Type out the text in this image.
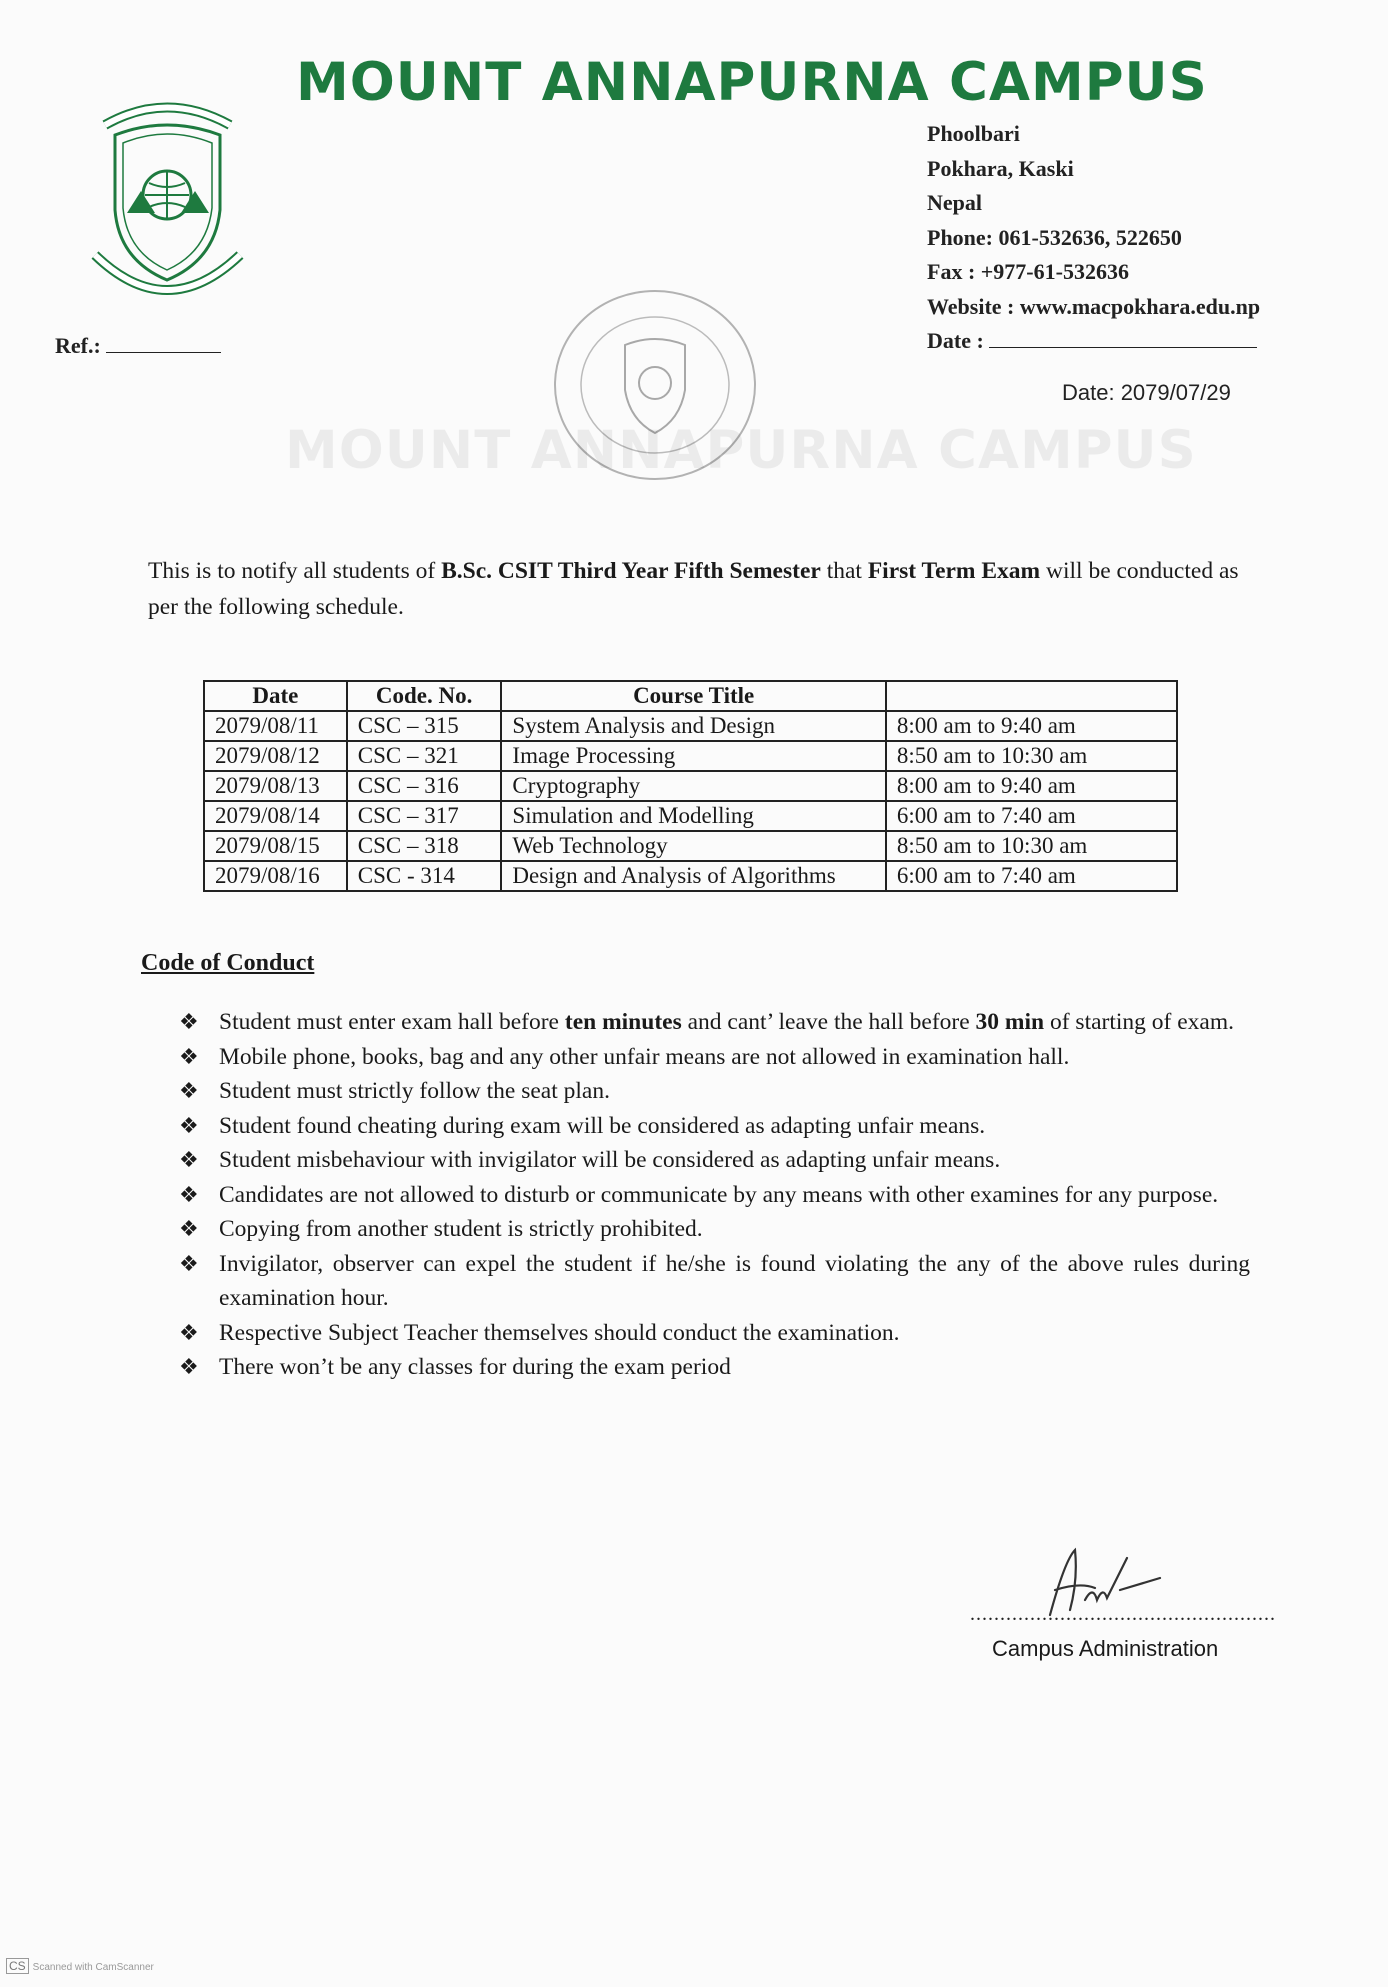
MOUNT ANNAPURNA CAMPUS
Phoolbari
Pokhara, Kaski
Nepal
Phone: 061-532636, 522650
Fax : +977-61-532636
Website : www.macpokhara.edu.np
Date :
Ref.:
Date: 2079/07/29
MOUNT ANNAPURNA CAMPUS
This is to notify all students of B.Sc. CSIT Third Year Fifth Semester that First Term Exam will be conducted as per the following schedule.
Date	Code. No.	Course Title	
2079/08/11	CSC – 315	System Analysis and Design	8:00 am to 9:40 am
2079/08/12	CSC – 321	Image Processing	8:50 am to 10:30 am
2079/08/13	CSC – 316	Cryptography	8:00 am to 9:40 am
2079/08/14	CSC – 317	Simulation and Modelling	6:00 am to 7:40 am
2079/08/15	CSC – 318	Web Technology	8:50 am to 10:30 am
2079/08/16	CSC - 314	Design and Analysis of Algorithms	6:00 am to 7:40 am
Code of Conduct
❖ Student must enter exam hall before ten minutes and cant’ leave the hall before 30 min of starting of exam.
❖ Mobile phone, books, bag and any other unfair means are not allowed in examination hall.
❖ Student must strictly follow the seat plan.
❖ Student found cheating during exam will be considered as adapting unfair means.
❖ Student misbehaviour with invigilator will be considered as adapting unfair means.
❖ Candidates are not allowed to disturb or communicate by any means with other examines for any purpose.
❖ Copying from another student is strictly prohibited.
❖ Invigilator, observer can expel the student if he/she is found violating the any of the above rules during examination hour.
❖ Respective Subject Teacher themselves should conduct the examination.
❖ There won’t be any classes for during the exam period
...................................................
Campus Administration
CS Scanned with CamScanner
